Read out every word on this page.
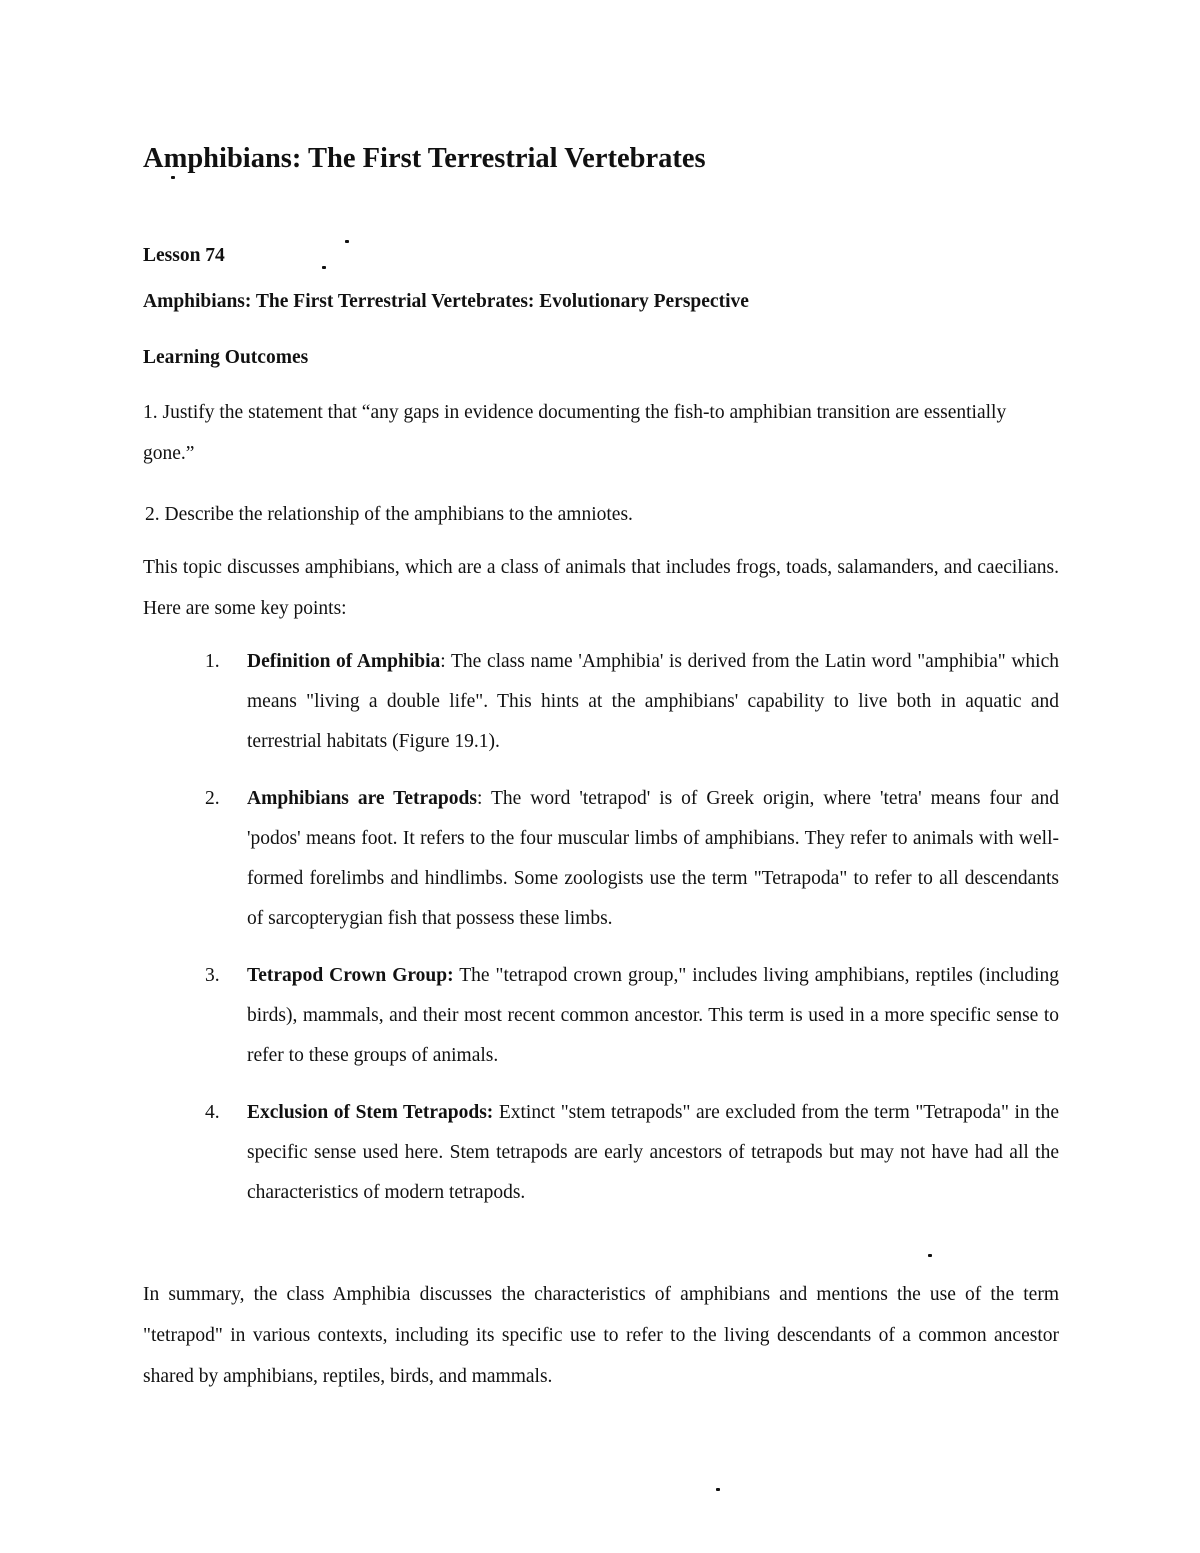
Amphibians: The First Terrestrial Vertebrates

Lesson 74

Amphibians: The First Terrestrial Vertebrates: Evolutionary Perspective

Learning Outcomes

1. Justify the statement that “any gaps in evidence documenting the fish-to amphibian transition are essentially gone.”

2. Describe the relationship of the amphibians to the amniotes.

This topic discusses amphibians, which are a class of animals that includes frogs, toads, salamanders, and caecilians. Here are some key points:

1. Definition of Amphibia: The class name 'Amphibia' is derived from the Latin word "amphibia" which means "living a double life". This hints at the amphibians' capability to live both in aquatic and terrestrial habitats (Figure 19.1).
2. Amphibians are Tetrapods: The word 'tetrapod' is of Greek origin, where 'tetra' means four and 'podos' means foot. It refers to the four muscular limbs of amphibians. They refer to animals with well-formed forelimbs and hindlimbs. Some zoologists use the term "Tetrapoda" to refer to all descendants of sarcopterygian fish that possess these limbs.
3. Tetrapod Crown Group: The "tetrapod crown group," includes living amphibians, reptiles (including birds), mammals, and their most recent common ancestor. This term is used in a more specific sense to refer to these groups of animals.
4. Exclusion of Stem Tetrapods: Extinct "stem tetrapods" are excluded from the term "Tetrapoda" in the specific sense used here. Stem tetrapods are early ancestors of tetrapods but may not have had all the characteristics of modern tetrapods.

In summary, the class Amphibia discusses the characteristics of amphibians and mentions the use of the term "tetrapod" in various contexts, including its specific use to refer to the living descendants of a common ancestor shared by amphibians, reptiles, birds, and mammals.
